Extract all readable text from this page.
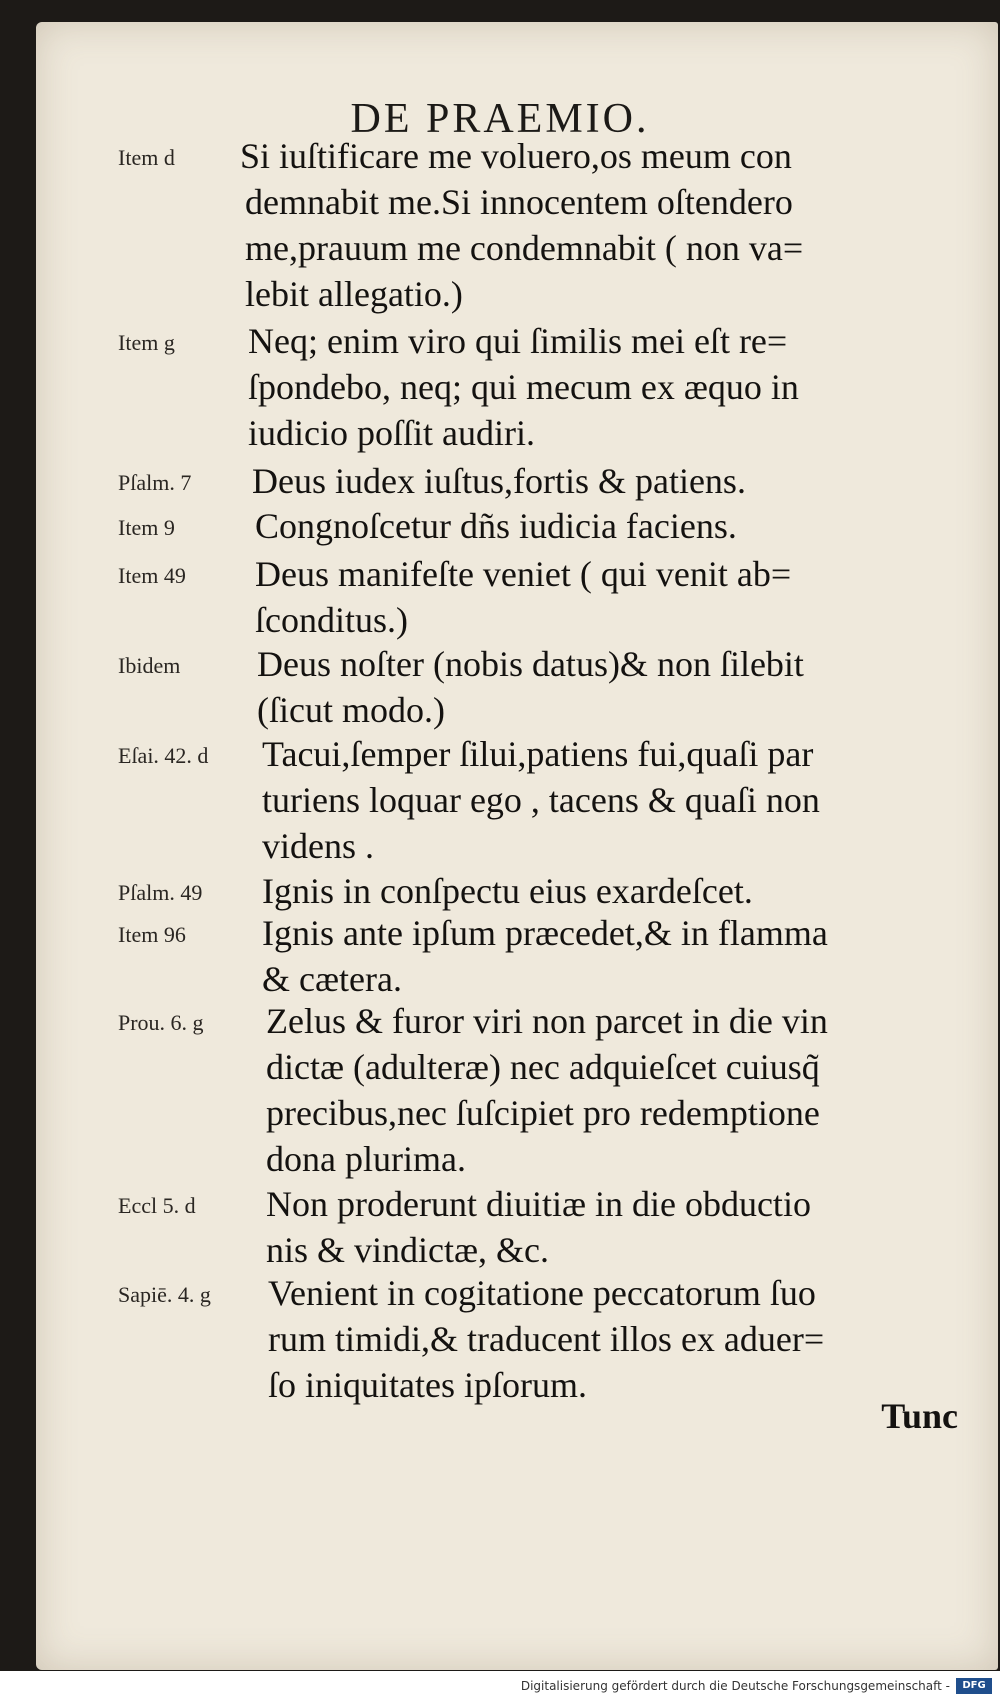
DE PRAEMIO.
Item d Si iuſtificare me voluero,os meum con
demnabit me.Si innocentem oſtendero
me,prauum me condemnabit ( non va=
lebit allegatio.)
Item g Neq; enim viro qui ſimilis mei eſt re=
ſpondebo, neq; qui mecum ex æquo in
iudicio poſſit audiri.
Pſalm. 7 Deus iudex iuſtus,fortis & patiens.
Item 9 Congnoſcetur dñs iudicia faciens.
Item 49 Deus manifeſte veniet ( qui venit ab=
ſconditus.)
Ibidem Deus noſter (nobis datus)& non ſilebit
(ſicut modo.)
Eſai. 42. d Tacui,ſemper ſilui,patiens fui,quaſi par
turiens loquar ego , tacens & quaſi non
videns .
Pſalm. 49 Ignis in conſpectu eius exardeſcet.
Item 96 Ignis ante ipſum præcedet,& in flamma
& cætera.
Prou. 6. g Zelus & furor viri non parcet in die vin
dictæ (adulteræ) nec adquieſcet cuiusq̃
precibus,nec ſuſcipiet pro redemptione
dona plurima.
Eccl 5. d Non proderunt diuitiæ in die obductio
nis & vindictæ, &c.
Sapiē. 4. g Venient in cogitatione peccatorum ſuo
rum timidi,& traducent illos ex aduer=
ſo iniquitates ipſorum.
Tunc
Digitalisierung gefördert durch die Deutsche Forschungsgemeinschaft -	DFG
